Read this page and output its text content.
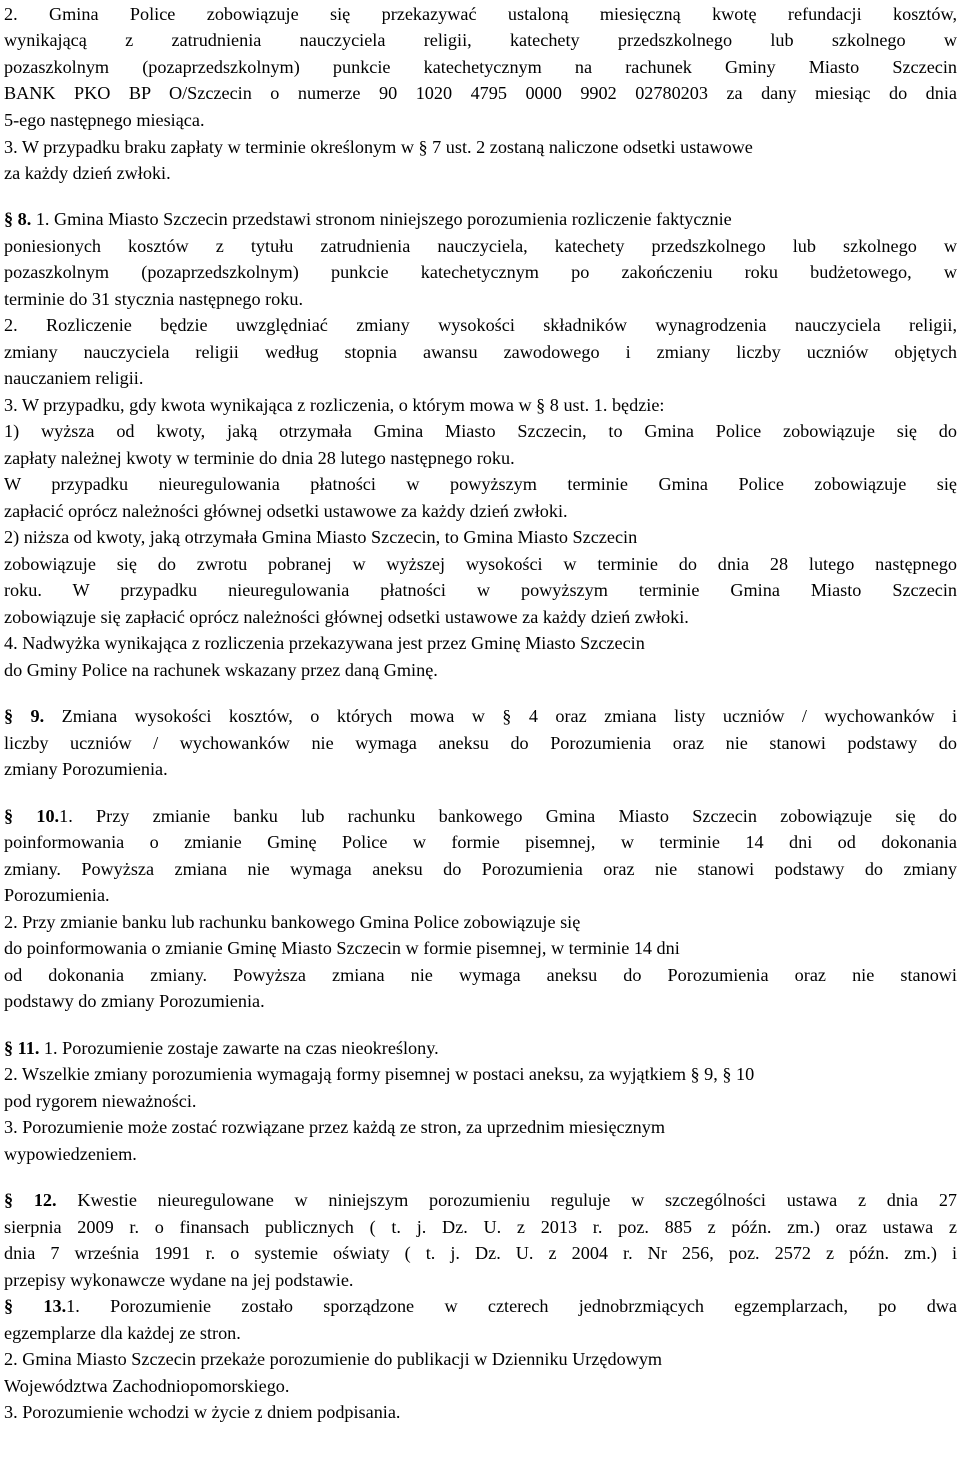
2. Gmina Police zobowiązuje się przekazywać ustaloną miesięczną kwotę refundacji kosztów,
wynikającą z zatrudnienia nauczyciela religii, katechety przedszkolnego lub szkolnego w
pozaszkolnym (pozaprzedszkolnym) punkcie katechetycznym na rachunek Gminy Miasto Szczecin
BANK PKO BP O/Szczecin o numerze 90 1020 4795 0000 9902 02780203 za dany miesiąc do dnia
5-ego następnego miesiąca.
3. W przypadku braku zapłaty w terminie określonym w § 7 ust. 2 zostaną naliczone odsetki ustawowe
za każdy dzień zwłoki.
§ 8. 1. Gmina Miasto Szczecin przedstawi stronom niniejszego porozumienia rozliczenie faktycznie
poniesionych kosztów z tytułu zatrudnienia nauczyciela, katechety przedszkolnego lub szkolnego w
pozaszkolnym (pozaprzedszkolnym) punkcie katechetycznym po zakończeniu roku budżetowego, w
terminie do 31 stycznia następnego roku.
2. Rozliczenie będzie uwzględniać zmiany wysokości składników wynagrodzenia nauczyciela religii,
zmiany nauczyciela religii według stopnia awansu zawodowego i zmiany liczby uczniów objętych
nauczaniem religii.
3. W przypadku, gdy kwota wynikająca z rozliczenia, o którym mowa w § 8 ust. 1. będzie:
1) wyższa od kwoty, jaką otrzymała Gmina Miasto Szczecin, to Gmina Police zobowiązuje się do
zapłaty należnej kwoty w terminie do dnia 28 lutego następnego roku.
W przypadku nieuregulowania płatności w powyższym terminie Gmina Police zobowiązuje się
zapłacić oprócz należności głównej odsetki ustawowe za każdy dzień zwłoki.
2) niższa od kwoty, jaką otrzymała Gmina Miasto Szczecin, to Gmina Miasto Szczecin
zobowiązuje się do zwrotu pobranej w wyższej wysokości w terminie do dnia 28 lutego następnego
roku. W przypadku nieuregulowania płatności w powyższym terminie Gmina Miasto Szczecin
zobowiązuje się zapłacić oprócz należności głównej odsetki ustawowe za każdy dzień zwłoki.
4. Nadwyżka wynikająca z rozliczenia przekazywana jest przez Gminę Miasto Szczecin
do Gminy Police na rachunek wskazany przez daną Gminę.
§ 9. Zmiana wysokości kosztów, o których mowa w § 4 oraz zmiana listy uczniów / wychowanków i
liczby uczniów / wychowanków nie wymaga aneksu do Porozumienia oraz nie stanowi podstawy do
zmiany Porozumienia.
§ 10.1. Przy zmianie banku lub rachunku bankowego Gmina Miasto Szczecin zobowiązuje się do
poinformowania o zmianie Gminę Police w formie pisemnej, w terminie 14 dni od dokonania
zmiany. Powyższa zmiana nie wymaga aneksu do Porozumienia oraz nie stanowi podstawy do zmiany
Porozumienia.
2. Przy zmianie banku lub rachunku bankowego Gmina Police zobowiązuje się
do poinformowania o zmianie Gminę Miasto Szczecin w formie pisemnej, w terminie 14 dni
od dokonania zmiany. Powyższa zmiana nie wymaga aneksu do Porozumienia oraz nie stanowi
podstawy do zmiany Porozumienia.
§ 11. 1. Porozumienie zostaje zawarte na czas nieokreślony.
2. Wszelkie zmiany porozumienia wymagają formy pisemnej w postaci aneksu, za wyjątkiem § 9, § 10
pod rygorem nieważności.
3. Porozumienie może zostać rozwiązane przez każdą ze stron, za uprzednim miesięcznym
wypowiedzeniem.
§ 12. Kwestie nieuregulowane w niniejszym porozumieniu reguluje w szczególności ustawa z dnia 27
sierpnia 2009 r. o finansach publicznych ( t. j. Dz. U. z 2013 r. poz. 885 z późn. zm.) oraz ustawa z
dnia 7 września 1991 r. o systemie oświaty ( t. j. Dz. U. z 2004 r. Nr 256, poz. 2572 z późn. zm.) i
przepisy wykonawcze wydane na jej podstawie.
§ 13.1. Porozumienie zostało sporządzone w czterech jednobrzmiących egzemplarzach, po dwa
egzemplarze dla każdej ze stron.
2. Gmina Miasto Szczecin przekaże porozumienie do publikacji w Dzienniku Urzędowym
Województwa Zachodniopomorskiego.
3. Porozumienie wchodzi w życie z dniem podpisania.
